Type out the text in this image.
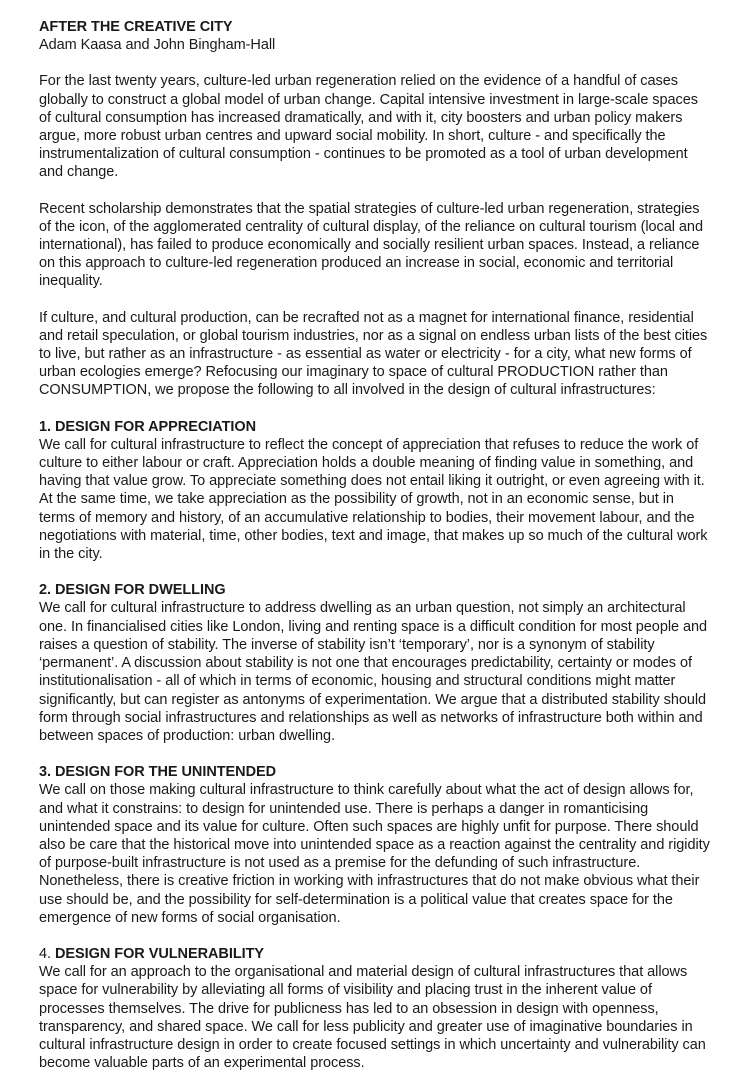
AFTER THE CREATIVE CITY
Adam Kaasa and John Bingham-Hall

For the last twenty years, culture-led urban regeneration relied on the evidence of a handful of cases globally to construct a global model of urban change. Capital intensive investment in large-scale spaces of cultural consumption has increased dramatically, and with it, city boosters and urban policy makers argue, more robust urban centres and upward social mobility. In short, culture - and specifically the instrumentalization of cultural consumption - continues to be promoted as a tool of urban development and change.

Recent scholarship demonstrates that the spatial strategies of culture-led urban regeneration, strategies of the icon, of the agglomerated centrality of cultural display, of the reliance on cultural tourism (local and international), has failed to produce economically and socially resilient urban spaces. Instead, a reliance on this approach to culture-led regeneration produced an increase in social, economic and territorial inequality.

If culture, and cultural production, can be recrafted not as a magnet for international finance, residential and retail speculation, or global tourism industries, nor as a signal on endless urban lists of the best cities to live, but rather as an infrastructure - as essential as water or electricity - for a city, what new forms of urban ecologies emerge? Refocusing our imaginary to space of cultural PRODUCTION rather than CONSUMPTION, we propose the following to all involved in the design of cultural infrastructures:

1. DESIGN FOR APPRECIATION
We call for cultural infrastructure to reflect the concept of appreciation that refuses to reduce the work of culture to either labour or craft. Appreciation holds a double meaning of finding value in something, and having that value grow. To appreciate something does not entail liking it outright, or even agreeing with it. At the same time, we take appreciation as the possibility of growth, not in an economic sense, but in terms of memory and history, of an accumulative relationship to bodies, their movement labour, and the negotiations with material, time, other bodies, text and image, that makes up so much of the cultural work in the city.
2. DESIGN FOR DWELLING
We call for cultural infrastructure to address dwelling as an urban question, not simply an architectural one. In financialised cities like London, living and renting space is a difficult condition for most people and raises a question of stability. The inverse of stability isn’t ‘temporary’, nor is a synonym of stability ‘permanent’. A discussion about stability is not one that encourages predictability, certainty or modes of institutionalisation - all of which in terms of economic, housing and structural conditions might matter significantly, but can register as antonyms of experimentation. We argue that a distributed stability should form through social infrastructures and relationships as well as networks of infrastructure both within and between spaces of production: urban dwelling.
3. DESIGN FOR THE UNINTENDED
We call on those making cultural infrastructure to think carefully about what the act of design allows for, and what it constrains: to design for unintended use. There is perhaps a danger in romanticising unintended space and its value for culture. Often such spaces are highly unfit for purpose. There should also be care that the historical move into unintended space as a reaction against the centrality and rigidity of purpose-built infrastructure is not used as a premise for the defunding of such infrastructure. Nonetheless, there is creative friction in working with infrastructures that do not make obvious what their use should be, and the possibility for self-determination is a political value that creates space for the emergence of new forms of social organisation.
4. DESIGN FOR VULNERABILITY
We call for an approach to the organisational and material design of cultural infrastructures that allows space for vulnerability by alleviating all forms of visibility and placing trust in the inherent value of processes themselves. The drive for publicness has led to an obsession in design with openness, transparency, and shared space. We call for less publicity and greater use of imaginative boundaries in cultural infrastructure design in order to create focused settings in which uncertainty and vulnerability can become valuable parts of an experimental process.
